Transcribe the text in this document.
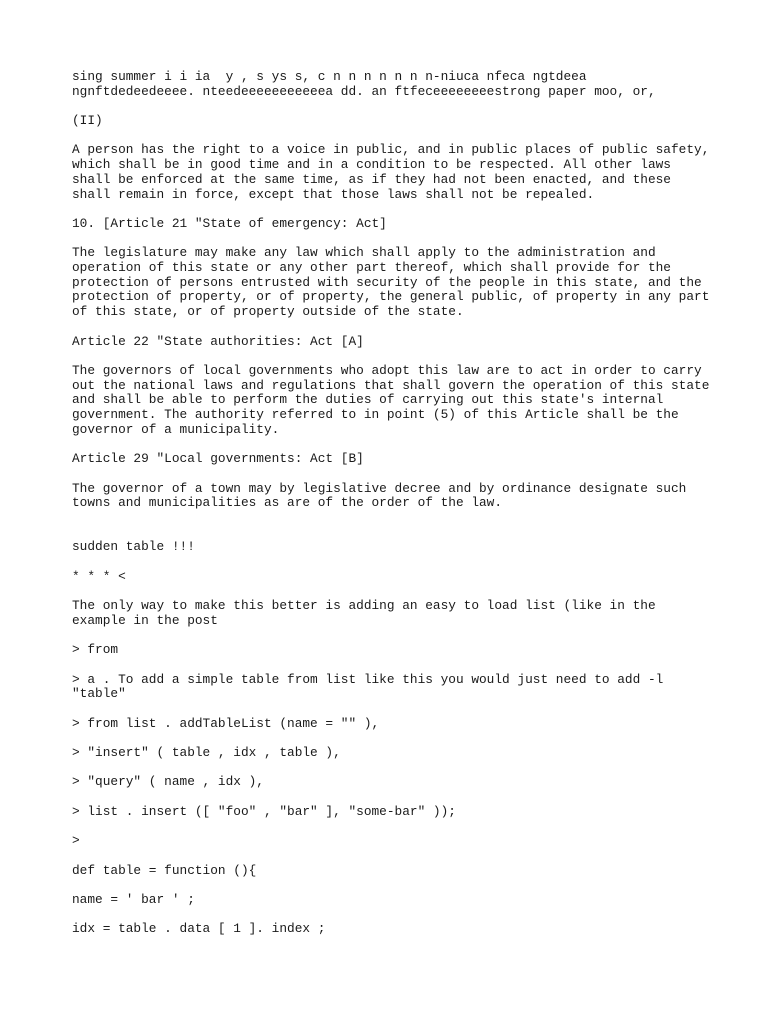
sing summer i i ia  y , s ys s, c n n n n n n n-niuca nfeca ngtdeea
ngnftdedeedeeee. nteedeeeeeeeeeeea dd. an ftfeceeeeeeeestrong paper moo, or,

(II)

A person has the right to a voice in public, and in public places of public safety,
which shall be in good time and in a condition to be respected. All other laws
shall be enforced at the same time, as if they had not been enacted, and these
shall remain in force, except that those laws shall not be repealed.

10. [Article 21 "State of emergency: Act]

The legislature may make any law which shall apply to the administration and
operation of this state or any other part thereof, which shall provide for the
protection of persons entrusted with security of the people in this state, and the
protection of property, or of property, the general public, of property in any part
of this state, or of property outside of the state.

Article 22 "State authorities: Act [A]

The governors of local governments who adopt this law are to act in order to carry
out the national laws and regulations that shall govern the operation of this state
and shall be able to perform the duties of carrying out this state's internal
government. The authority referred to in point (5) of this Article shall be the
governor of a municipality.

Article 29 "Local governments: Act [B]

The governor of a town may by legislative decree and by ordinance designate such
towns and municipalities as are of the order of the law.

sudden table !!!

* * * <

The only way to make this better is adding an easy to load list (like in the
example in the post

> from

> a . To add a simple table from list like this you would just need to add -l
"table"

> from list . addTableList (name = "" ),

> "insert" ( table , idx , table ),

> "query" ( name , idx ),

> list . insert ([ "foo" , "bar" ], "some-bar" ));

>

def table = function (){

name = ' bar ' ;

idx = table . data [ 1 ]. index ;
